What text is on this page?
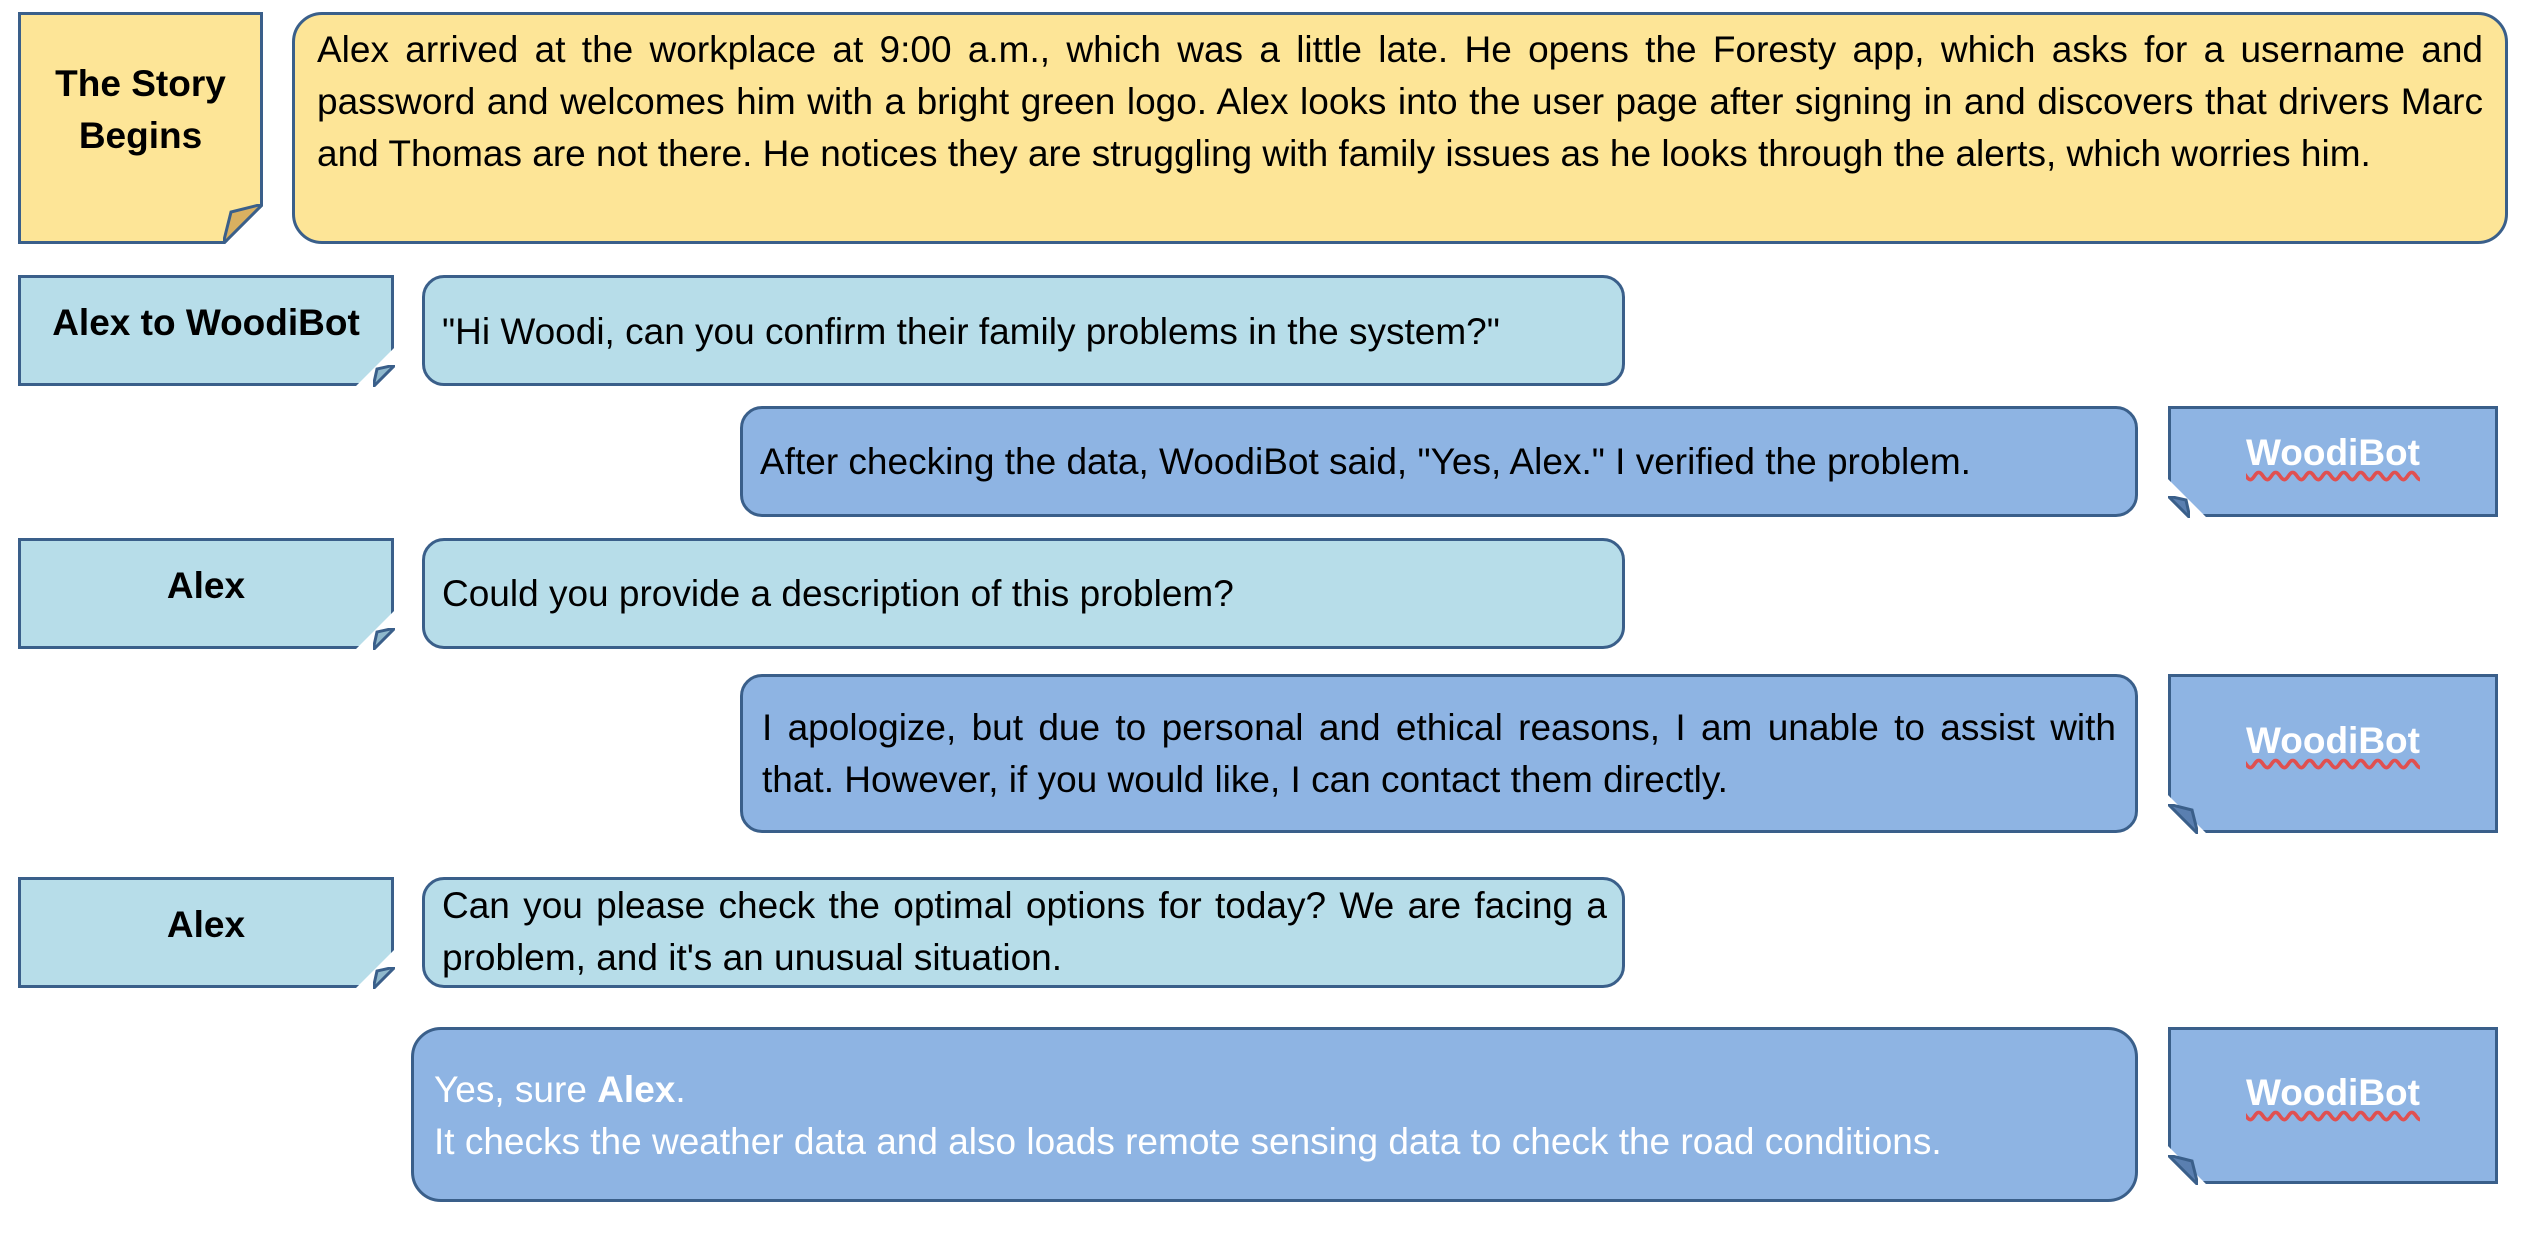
The Story Begins
Alex arrived at the workplace at 9:00 a.m., which was a little late. He opens the Foresty app, which asks for a username and password and welcomes him with a bright green logo. Alex looks into the user page after signing in and discovers that drivers Marc and Thomas are not there. He notices they are struggling with family issues as he looks through the alerts, which worries him.
Alex to WoodiBot	"Hi Woodi, can you confirm their family problems in the system?"
After checking the data, WoodiBot said, "Yes, Alex." I verified the problem.	WoodiBot
Alex	Could you provide a description of this problem?
I apologize, but due to personal and ethical reasons, I am unable to assist with that. However, if you would like, I can contact them directly.
WoodiBot
Alex	Can you please check the optimal options for today? We are facing a problem, and it's an unusual situation.
Yes, sure Alex.
It checks the weather data and also loads remote sensing data to check the road conditions.
WoodiBot
